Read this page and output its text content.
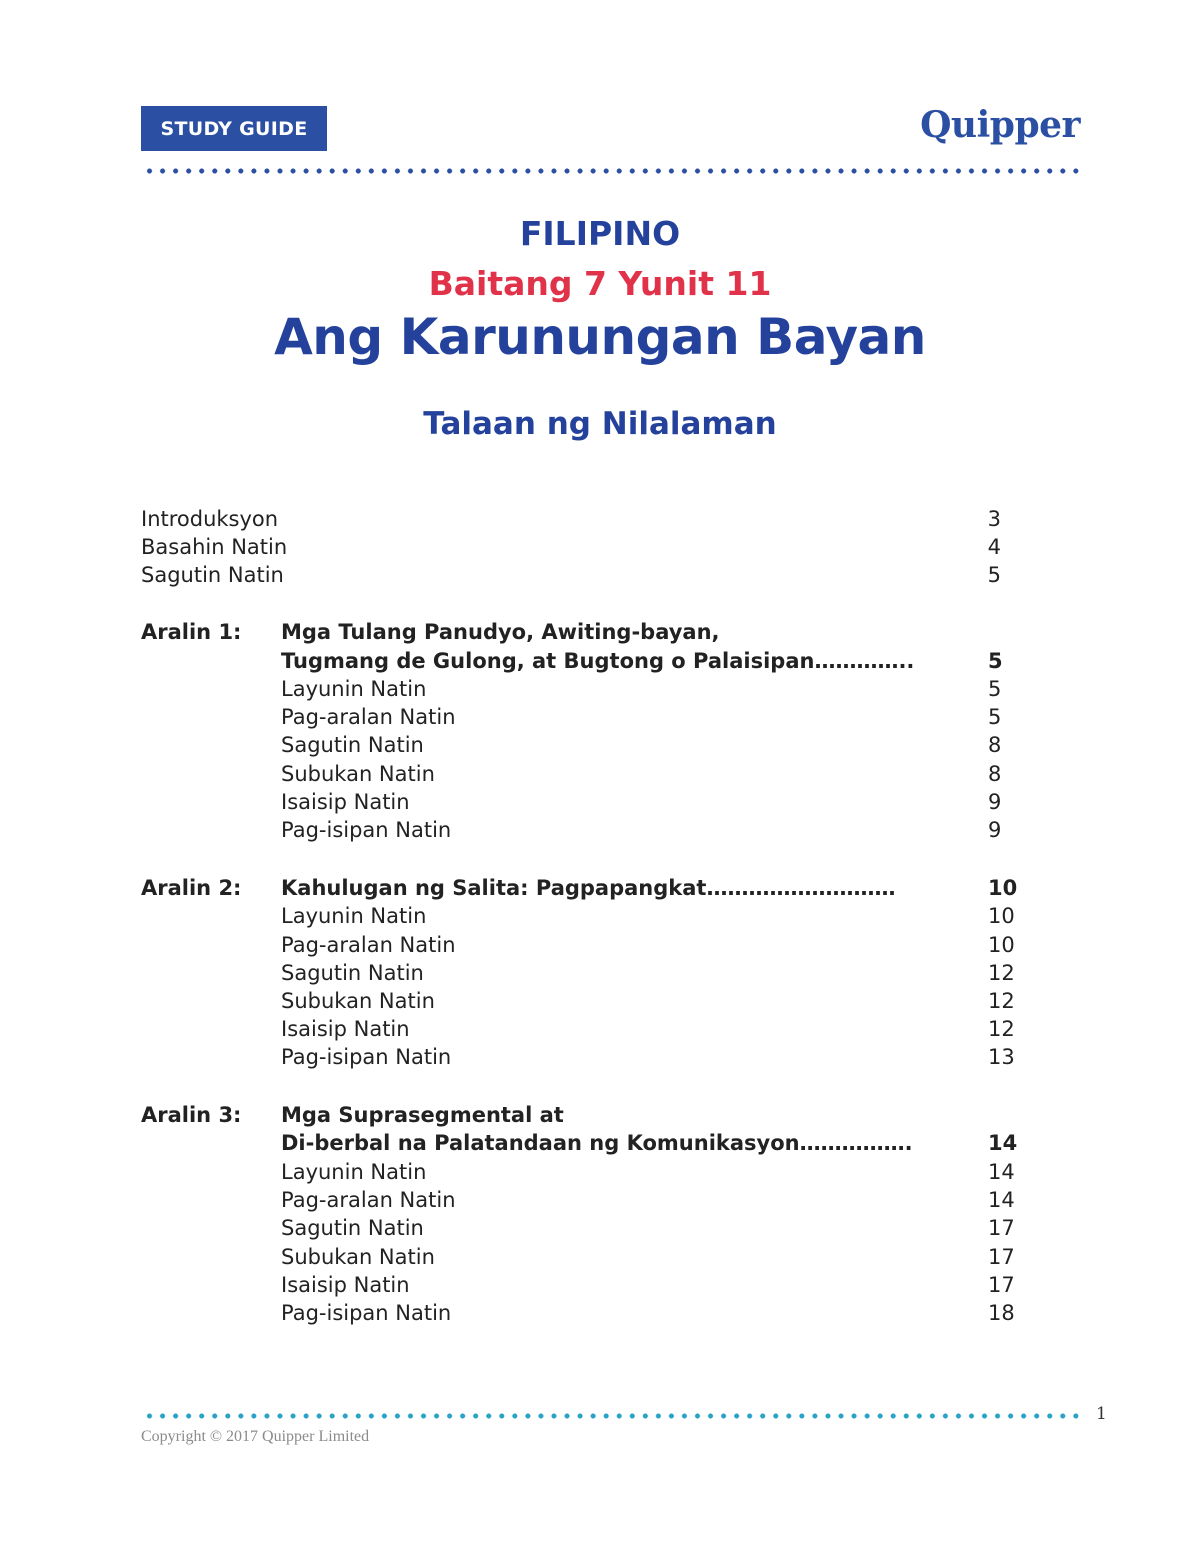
STUDY GUIDE	Quipper
FILIPINO
Baitang 7 Yunit 11
Ang Karunungan Bayan
Talaan ng Nilalaman
Introduksyon	3
Basahin Natin	4
Sagutin Natin	5
Aralin 1: Mga Tulang Panudyo, Awiting-bayan,
Tugmang de Gulong, at Bugtong o Palaisipan…………..	5
Layunin Natin	5
Pag-aralan Natin	5
Sagutin Natin	8
Subukan Natin	8
Isaisip Natin	9
Pag-isipan Natin	9
Aralin 2: Kahulugan ng Salita: Pagpapangkat………………………	10
Layunin Natin	10
Pag-aralan Natin	10
Sagutin Natin	12
Subukan Natin	12
Isaisip Natin	12
Pag-isipan Natin	13
Aralin 3: Mga Suprasegmental at
Di-berbal na Palatandaan ng Komunikasyon…………….	14
Layunin Natin	14
Pag-aralan Natin	14
Sagutin Natin	17
Subukan Natin	17
Isaisip Natin	17
Pag-isipan Natin	18
1
Copyright © 2017 Quipper Limited
